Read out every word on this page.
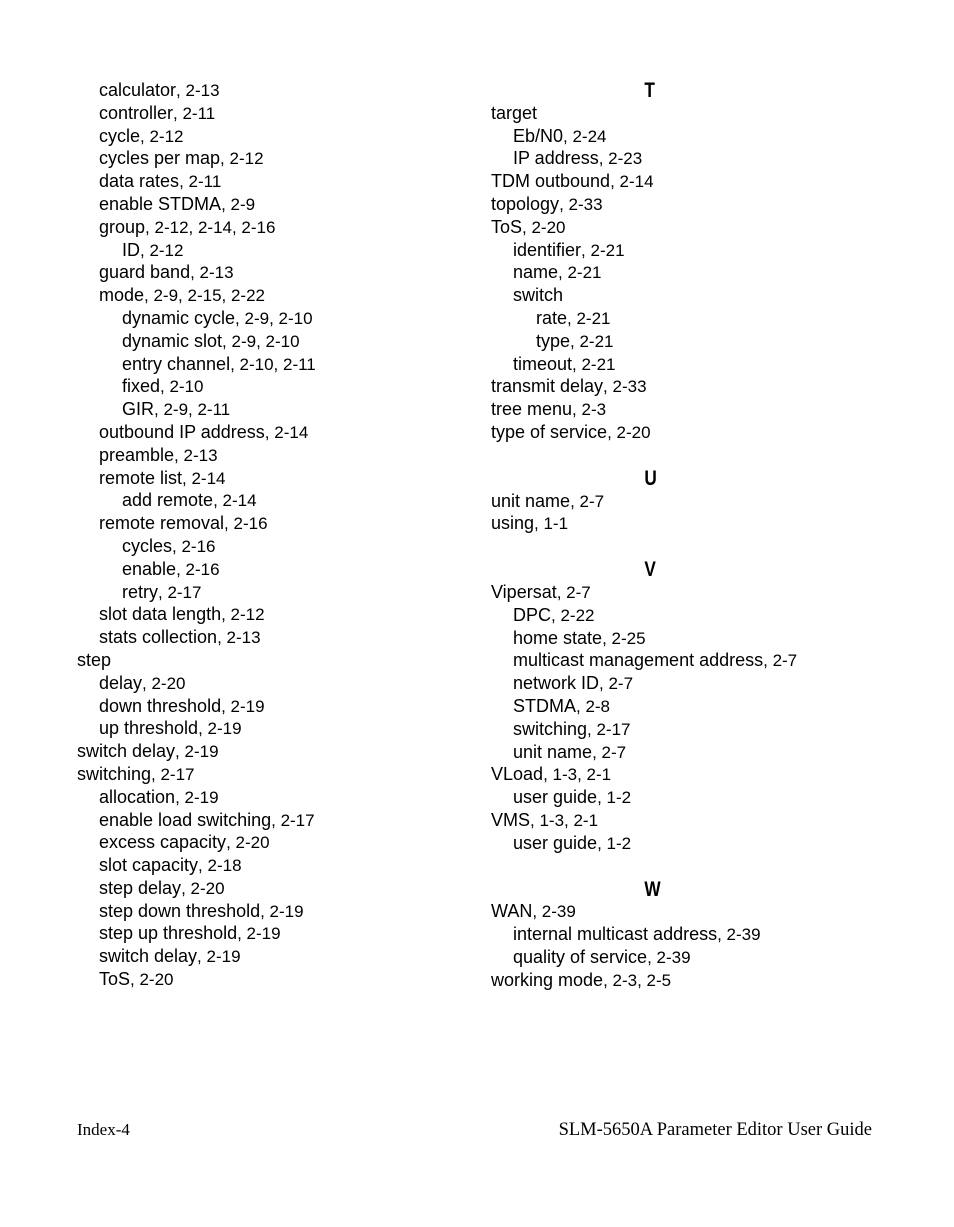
calculator, 2-13
controller, 2-11
cycle, 2-12
cycles per map, 2-12
data rates, 2-11
enable STDMA, 2-9
group, 2-12, 2-14, 2-16
ID, 2-12
guard band, 2-13
mode, 2-9, 2-15, 2-22
dynamic cycle, 2-9, 2-10
dynamic slot, 2-9, 2-10
entry channel, 2-10, 2-11
fixed, 2-10
GIR, 2-9, 2-11
outbound IP address, 2-14
preamble, 2-13
remote list, 2-14
add remote, 2-14
remote removal, 2-16
cycles, 2-16
enable, 2-16
retry, 2-17
slot data length, 2-12
stats collection, 2-13
step
delay, 2-20
down threshold, 2-19
up threshold, 2-19
switch delay, 2-19
switching, 2-17
allocation, 2-19
enable load switching, 2-17
excess capacity, 2-20
slot capacity, 2-18
step delay, 2-20
step down threshold, 2-19
step up threshold, 2-19
switch delay, 2-19
ToS, 2-20
T
target
Eb/N0, 2-24
IP address, 2-23
TDM outbound, 2-14
topology, 2-33
ToS, 2-20
identifier, 2-21
name, 2-21
switch
rate, 2-21
type, 2-21
timeout, 2-21
transmit delay, 2-33
tree menu, 2-3
type of service, 2-20
U
unit name, 2-7
using, 1-1
V
Vipersat, 2-7
DPC, 2-22
home state, 2-25
multicast management address, 2-7
network ID, 2-7
STDMA, 2-8
switching, 2-17
unit name, 2-7
VLoad, 1-3, 2-1
user guide, 1-2
VMS, 1-3, 2-1
user guide, 1-2
W
WAN, 2-39
internal multicast address, 2-39
quality of service, 2-39
working mode, 2-3, 2-5
Index-4	SLM-5650A Parameter Editor User Guide
